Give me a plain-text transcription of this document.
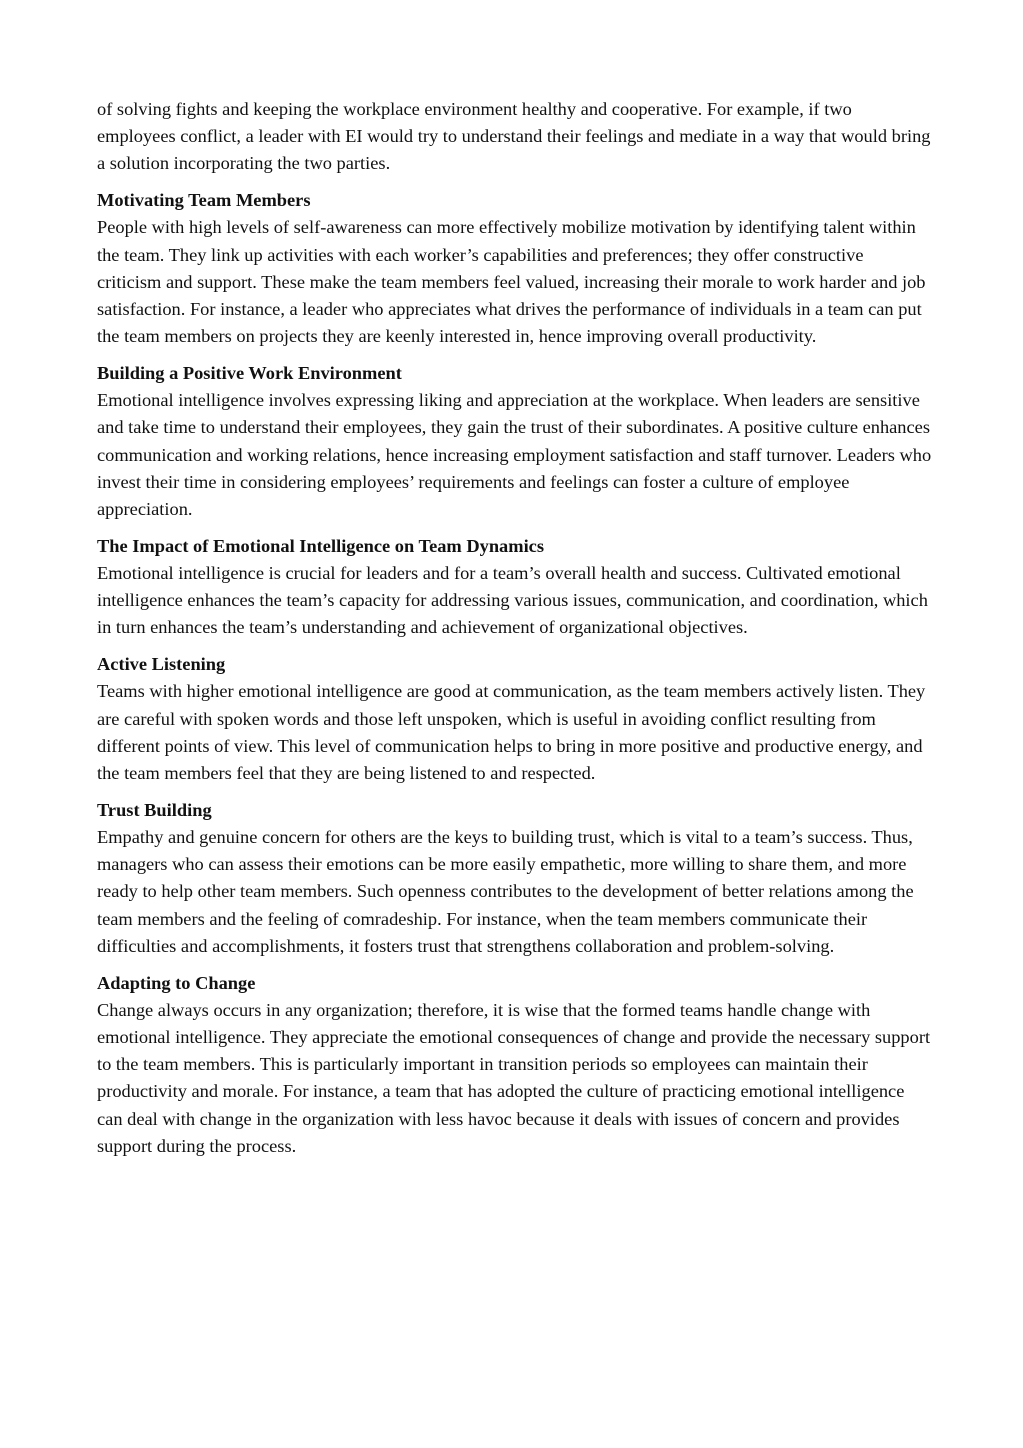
of solving fights and keeping the workplace environment healthy and cooperative. For example, if two employees conflict, a leader with EI would try to understand their feelings and mediate in a way that would bring a solution incorporating the two parties.
Motivating Team Members
People with high levels of self-awareness can more effectively mobilize motivation by identifying talent within the team. They link up activities with each worker’s capabilities and preferences; they offer constructive criticism and support. These make the team members feel valued, increasing their morale to work harder and job satisfaction. For instance, a leader who appreciates what drives the performance of individuals in a team can put the team members on projects they are keenly interested in, hence improving overall productivity.
Building a Positive Work Environment
Emotional intelligence involves expressing liking and appreciation at the workplace. When leaders are sensitive and take time to understand their employees, they gain the trust of their subordinates. A positive culture enhances communication and working relations, hence increasing employment satisfaction and staff turnover. Leaders who invest their time in considering employees’ requirements and feelings can foster a culture of employee appreciation.
The Impact of Emotional Intelligence on Team Dynamics
Emotional intelligence is crucial for leaders and for a team’s overall health and success. Cultivated emotional intelligence enhances the team’s capacity for addressing various issues, communication, and coordination, which in turn enhances the team’s understanding and achievement of organizational objectives.
Active Listening
Teams with higher emotional intelligence are good at communication, as the team members actively listen. They are careful with spoken words and those left unspoken, which is useful in avoiding conflict resulting from different points of view. This level of communication helps to bring in more positive and productive energy, and the team members feel that they are being listened to and respected.
Trust Building
Empathy and genuine concern for others are the keys to building trust, which is vital to a team’s success. Thus, managers who can assess their emotions can be more easily empathetic, more willing to share them, and more ready to help other team members. Such openness contributes to the development of better relations among the team members and the feeling of comradeship. For instance, when the team members communicate their difficulties and accomplishments, it fosters trust that strengthens collaboration and problem-solving.
Adapting to Change
Change always occurs in any organization; therefore, it is wise that the formed teams handle change with emotional intelligence. They appreciate the emotional consequences of change and provide the necessary support to the team members. This is particularly important in transition periods so employees can maintain their productivity and morale. For instance, a team that has adopted the culture of practicing emotional intelligence can deal with change in the organization with less havoc because it deals with issues of concern and provides support during the process.
